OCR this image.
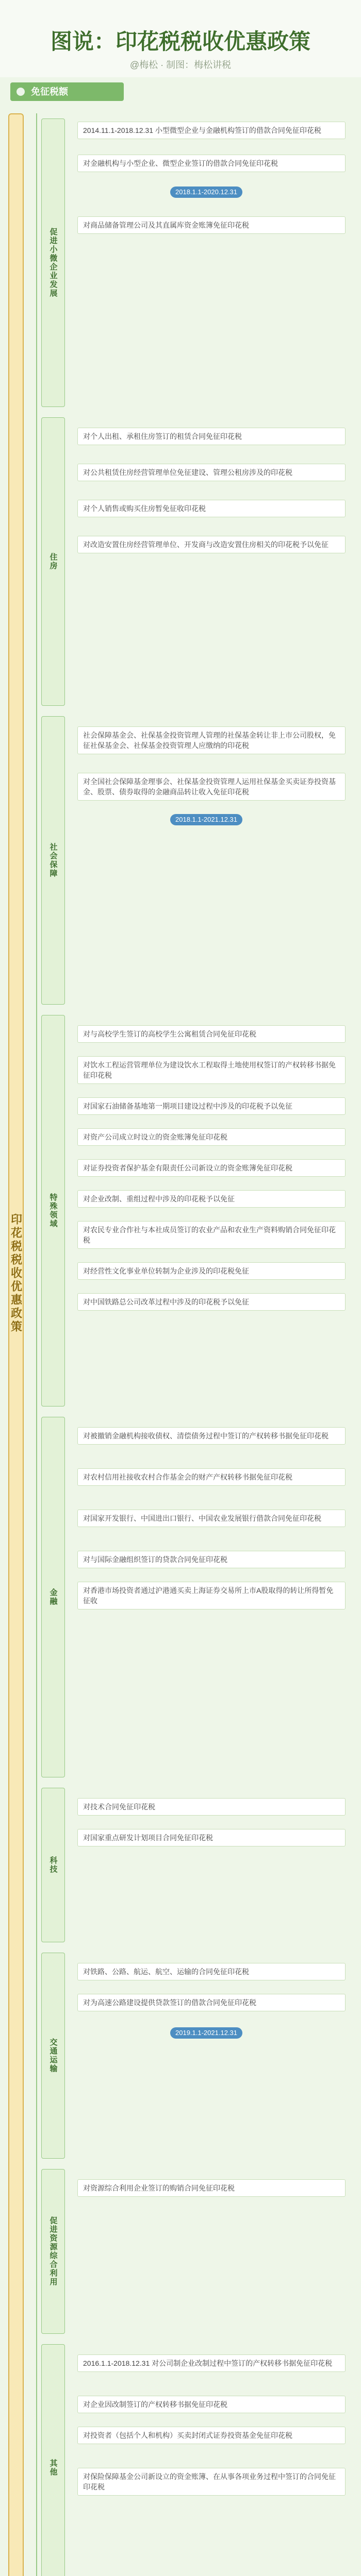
图说：印花税税收优惠政策
@梅松 · 制图：梅松讲税
免征税额
印花税税收优惠政策
促进小微企业发展
住房
社会保障
特殊领域
金融
科技
交通运输
促进资源综合利用
其他
2014.11.1-2018.12.31 小型微型企业与金融机构签订的借款合同免征印花税
对金融机构与小型企业、微型企业签订的借款合同免征印花税
2018.1.1-2020.12.31
对商品储备管理公司及其直属库资金账簿免征印花税
对个人出租、承租住房签订的租赁合同免征印花税
对公共租赁住房经营管理单位免征建设、管理公租房涉及的印花税
对个人销售或购买住房暂免征收印花税
对改造安置住房经营管理单位、开发商与改造安置住房相关的印花税予以免征
社会保障基金会、社保基金投资管理人管理的社保基金转让非上市公司股权，免征社保基金会、社保基金投资管理人应缴纳的印花税
对全国社会保障基金理事会、社保基金投资管理人运用社保基金买卖证券投资基金、股票、债券取得的金融商品转让收入免征印花税
2018.1.1-2021.12.31
对与高校学生签订的高校学生公寓租赁合同免征印花税
对饮水工程运营管理单位为建设饮水工程取得土地使用权签订的产权转移书据免征印花税
对国家石油储备基地第一期项目建设过程中涉及的印花税予以免征
对资产公司成立时设立的资金账簿免征印花税
对证券投资者保护基金有限责任公司新设立的资金账簿免征印花税
对企业改制、重组过程中涉及的印花税予以免征
对农民专业合作社与本社成员签订的农业产品和农业生产资料购销合同免征印花税
对经营性文化事业单位转制为企业涉及的印花税免征
对中国铁路总公司改革过程中涉及的印花税予以免征
对被撤销金融机构接收债权、清偿债务过程中签订的产权转移书据免征印花税
对农村信用社接收农村合作基金会的财产产权转移书据免征印花税
对国家开发银行、中国进出口银行、中国农业发展银行借款合同免征印花税
对与国际金融组织签订的贷款合同免征印花税
对香港市场投资者通过沪港通买卖上海证券交易所上市A股取得的转让所得暂免征收
对技术合同免征印花税
对国家重点研发计划项目合同免征印花税
对铁路、公路、航运、航空、运输的合同免征印花税
对为高速公路建设提供贷款签订的借款合同免征印花税
2019.1.1-2021.12.31
对资源综合利用企业签订的购销合同免征印花税
2016.1.1-2018.12.31 对公司制企业改制过程中签订的产权转移书据免征印花税
对企业因改制签订的产权转移书据免征印花税
对投资者（包括个人和机构）买卖封闭式证券投资基金免征印花税
对保险保障基金公司新设立的资金账簿、在从事各项业务过程中签订的合同免征印花税
